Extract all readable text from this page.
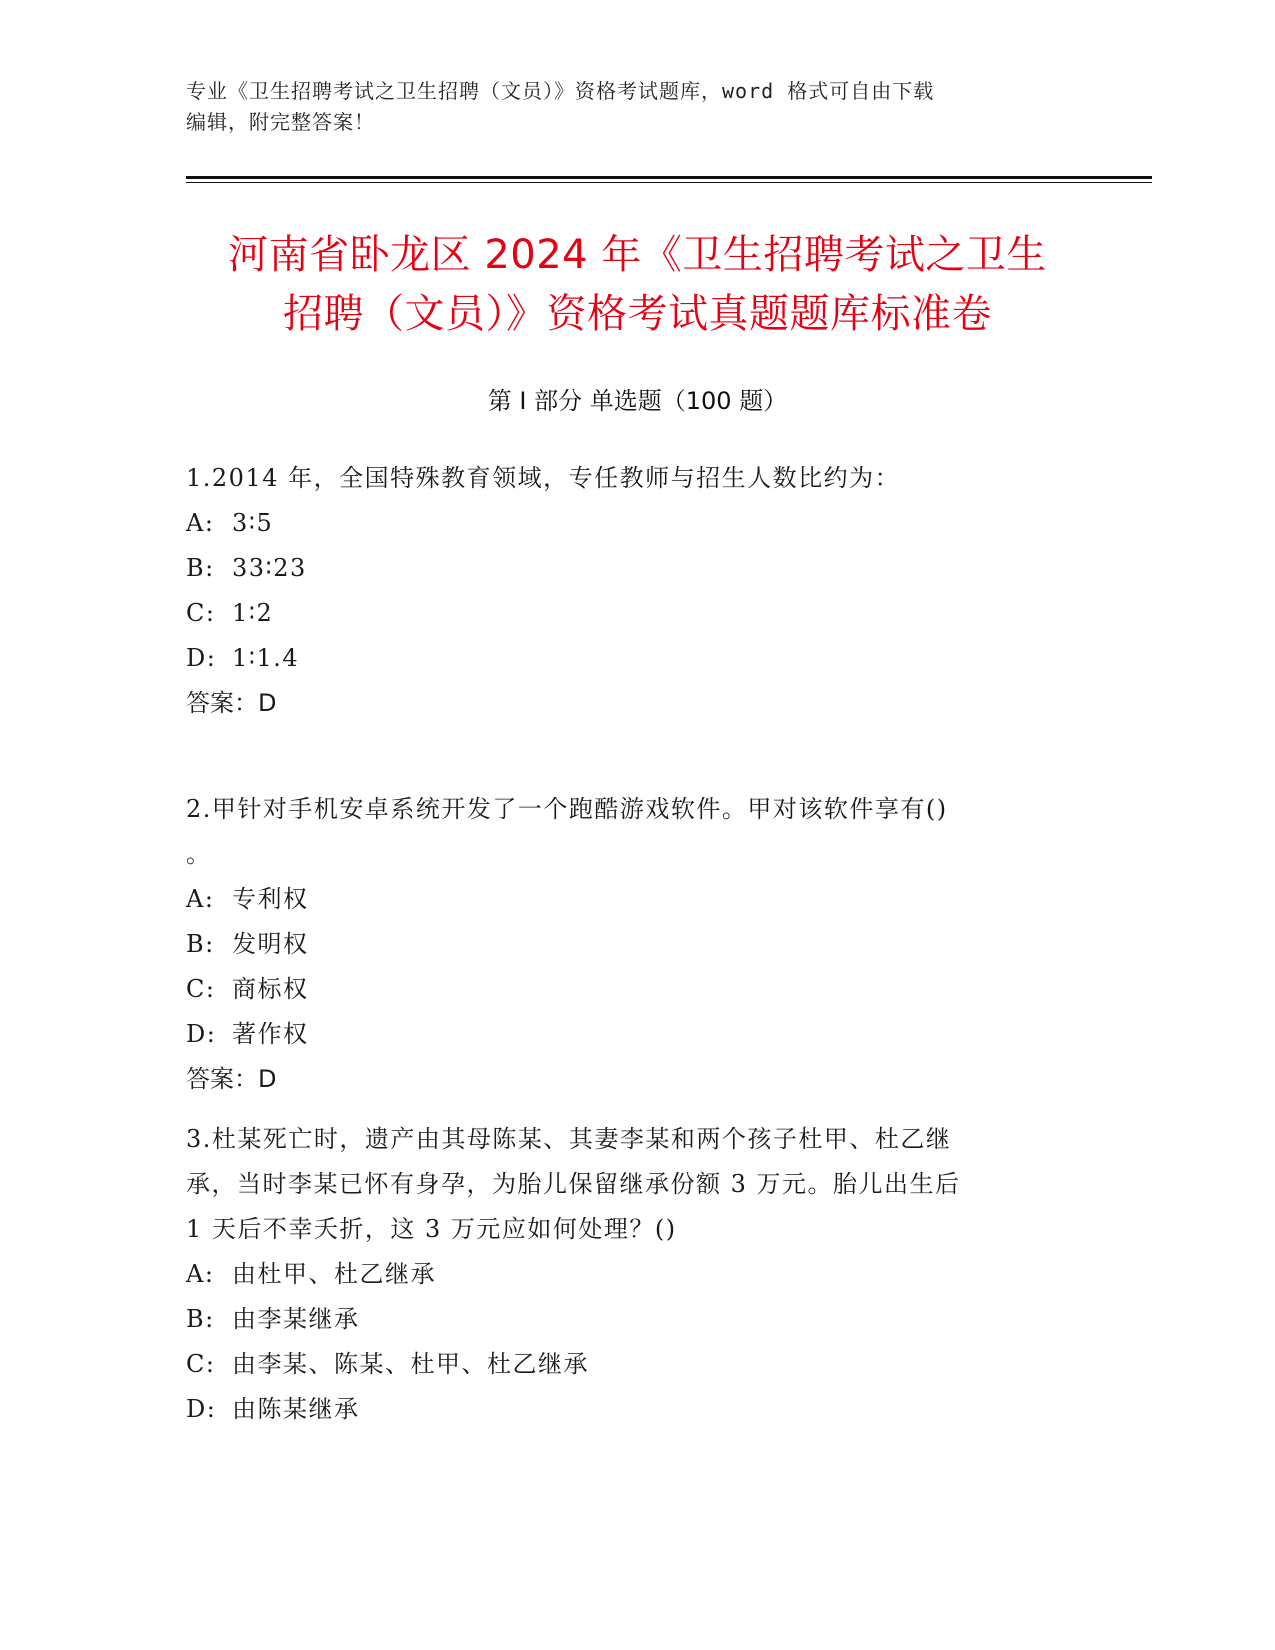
专业《卫生招聘考试之卫生招聘（文员）》资格考试题库，word 格式可自由下载
编辑，附完整答案！
河南省卧龙区 2024 年《卫生招聘考试之卫生
招聘（文员）》资格考试真题题库标准卷
第 I 部分 单选题（100 题）
1.2014 年，全国特殊教育领域，专任教师与招生人数比约为：
A: 3∶5
B: 33∶23
C: 1∶2
D: 1∶1.4
答案：D
2.甲针对手机安卓系统开发了一个跑酷游戏软件。甲对该软件享有()
。
A: 专利权
B: 发明权
C: 商标权
D: 著作权
答案：D
3.杜某死亡时，遗产由其母陈某、其妻李某和两个孩子杜甲、杜乙继
承，当时李某已怀有身孕，为胎儿保留继承份额 3 万元。胎儿出生后
1 天后不幸夭折，这 3 万元应如何处理？()
A: 由杜甲、杜乙继承
B: 由李某继承
C: 由李某、陈某、杜甲、杜乙继承
D: 由陈某继承
